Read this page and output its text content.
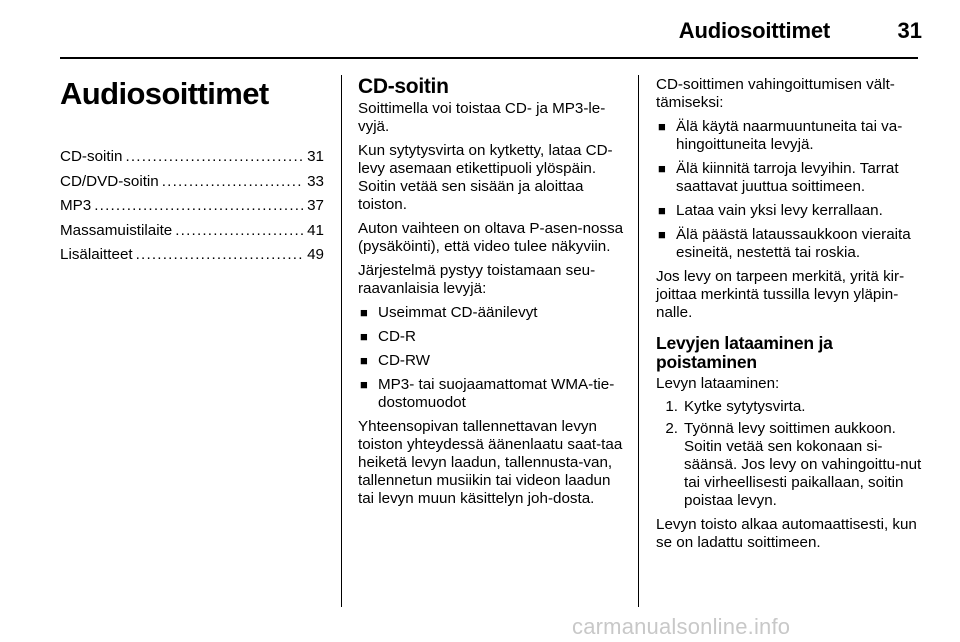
Audiosoittimet	31
Audiosoittimet
CD-soitin .....	31
CD/DVD-soitin .....	33
MP3 .....	37
Massamuistilaite .....	41
Lisälaitteet .....	49
CD-soitin

Soittimella voi toistaa CD- ja MP3-le-vyjä.

Kun sytytysvirta on kytketty, lataa CD-levy asemaan etikettipuoli ylöspäin. Soitin vetää sen sisään ja aloittaa toiston.

Auton vaihteen on oltava P-asen-nossa (pysäköinti), että video tulee näkyviin.

Järjestelmä pystyy toistamaan seu-raavanlaisia levyjä:

■ Useimmat CD-äänilevyt
■ CD-R
■ CD-RW
■ MP3- tai suojaamattomat WMA-tie-dostomuodot

Yhteensopivan tallennettavan levyn toiston yhteydessä äänenlaatu saat-taa heiketä levyn laadun, tallennusta-van, tallennetun musiikin tai videon laadun tai levyn muun käsittelyn joh-dosta.

CD-soittimen vahingoittumisen vält-tämiseksi:

■ Älä käytä naarmuuntuneita tai va-hingoittuneita levyjä.
■ Älä kiinnitä tarroja levyihin. Tarrat saattavat juuttua soittimeen.
■ Lataa vain yksi levy kerrallaan.
■ Älä päästä lataussaukkoon vieraita esineitä, nestettä tai roskia.

Jos levy on tarpeen merkitä, yritä kir-joittaa merkintä tussilla levyn yläpin-nalle.

Levyjen lataaminen ja poistaminen

Levyn lataaminen:

1. Kytke sytytysvirta.
2. Työnnä levy soittimen aukkoon. Soitin vetää sen kokonaan si-säänsä. Jos levy on vahingoittu-nut tai virheellisesti paikallaan, soitin poistaa levyn.

Levyn toisto alkaa automaattisesti, kun se on ladattu soittimeen.

carmanualsonline.info
